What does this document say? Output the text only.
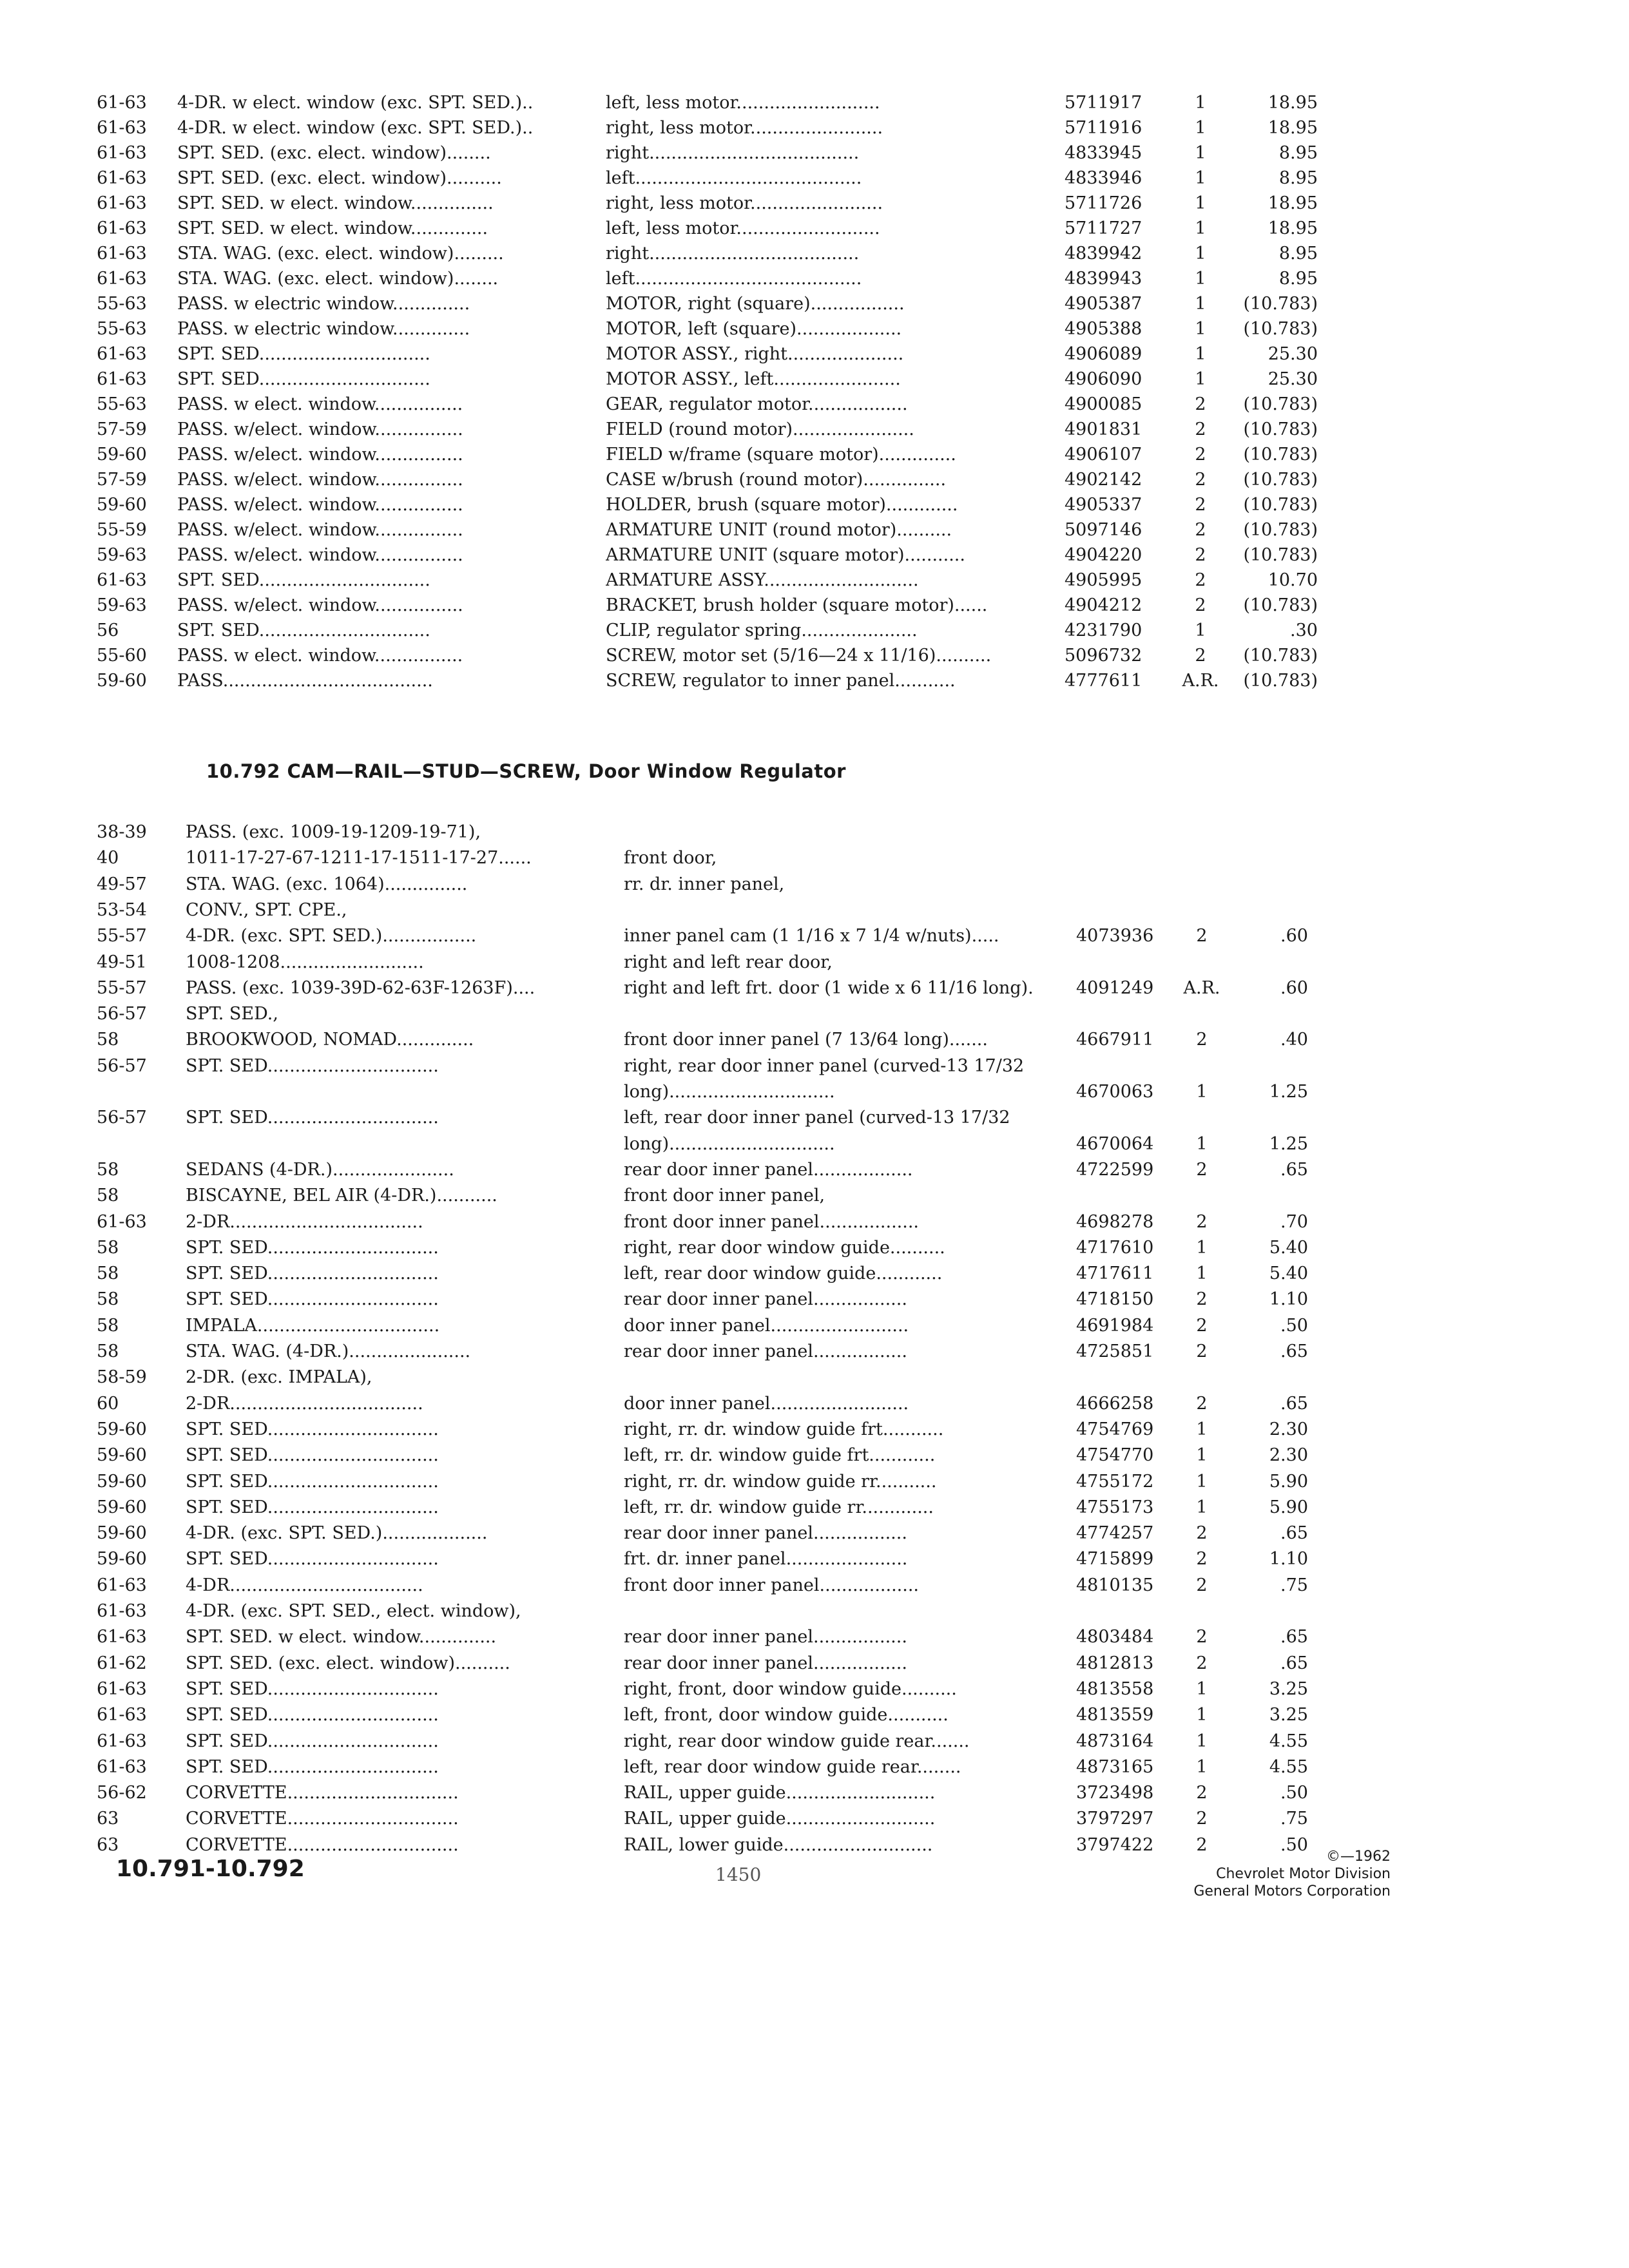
61-63	4-DR. w elect. window (exc. SPT. SED.)..	left, less motor..........................	5711917	1	18.95
61-63	4-DR. w elect. window (exc. SPT. SED.)..	right, less motor........................	5711916	1	18.95
61-63	SPT. SED. (exc. elect. window)........	right......................................	4833945	1	8.95
61-63	SPT. SED. (exc. elect. window)..........	left.........................................	4833946	1	8.95
61-63	SPT. SED. w elect. window...............	right, less motor........................	5711726	1	18.95
61-63	SPT. SED. w elect. window..............	left, less motor..........................	5711727	1	18.95
61-63	STA. WAG. (exc. elect. window).........	right......................................	4839942	1	8.95
61-63	STA. WAG. (exc. elect. window)........	left.........................................	4839943	1	8.95
55-63	PASS. w electric window..............	MOTOR, right (square).................	4905387	1	(10.783)
55-63	PASS. w electric window..............	MOTOR, left (square)...................	4905388	1	(10.783)
61-63	SPT. SED...............................	MOTOR ASSY., right.....................	4906089	1	25.30
61-63	SPT. SED...............................	MOTOR ASSY., left.......................	4906090	1	25.30
55-63	PASS. w elect. window................	GEAR, regulator motor..................	4900085	2	(10.783)
57-59	PASS. w/elect. window................	FIELD (round motor)......................	4901831	2	(10.783)
59-60	PASS. w/elect. window................	FIELD w/frame (square motor)..............	4906107	2	(10.783)
57-59	PASS. w/elect. window................	CASE w/brush (round motor)...............	4902142	2	(10.783)
59-60	PASS. w/elect. window................	HOLDER, brush (square motor).............	4905337	2	(10.783)
55-59	PASS. w/elect. window................	ARMATURE UNIT (round motor)..........	5097146	2	(10.783)
59-63	PASS. w/elect. window................	ARMATURE UNIT (square motor)...........	4904220	2	(10.783)
61-63	SPT. SED...............................	ARMATURE ASSY............................	4905995	2	10.70
59-63	PASS. w/elect. window................	BRACKET, brush holder (square motor)......	4904212	2	(10.783)
56	SPT. SED...............................	CLIP, regulator spring.....................	4231790	1	.30
55-60	PASS. w elect. window................	SCREW, motor set (5/16—24 x 11/16)..........	5096732	2	(10.783)
59-60	PASS......................................	SCREW, regulator to inner panel...........	4777611	A.R.	(10.783)
10.792 CAM—RAIL—STUD—SCREW, Door Window Regulator
38-39	PASS. (exc. 1009-19-1209-19-71),
40	1011-17-27-67-1211-17-1511-17-27......	front door,
49-57	STA. WAG. (exc. 1064)...............	rr. dr. inner panel,
53-54	CONV., SPT. CPE.,
55-57	4-DR. (exc. SPT. SED.).................	inner panel cam (1 1/16 x 7 1/4 w/nuts).....	4073936	2	.60
49-51	1008-1208..........................	right and left rear door,
55-57	PASS. (exc. 1039-39D-62-63F-1263F)....	right and left frt. door (1 wide x 6 11/16 long).	4091249	A.R.	.60
56-57	SPT. SED.,
58	BROOKWOOD, NOMAD..............	front door inner panel (7 13/64 long).......	4667911	2	.40
56-57	SPT. SED...............................	right, rear door inner panel (curved-13 17/32
long)..............................	4670063	1	1.25
56-57	SPT. SED...............................	left, rear door inner panel (curved-13 17/32
long)..............................	4670064	1	1.25
58	SEDANS (4-DR.)......................	rear door inner panel..................	4722599	2	.65
58	BISCAYNE, BEL AIR (4-DR.)...........	front door inner panel,
61-63	2-DR...................................	front door inner panel..................	4698278	2	.70
58	SPT. SED...............................	right, rear door window guide..........	4717610	1	5.40
58	SPT. SED...............................	left, rear door window guide............	4717611	1	5.40
58	SPT. SED...............................	rear door inner panel.................	4718150	2	1.10
58	IMPALA.................................	door inner panel.........................	4691984	2	.50
58	STA. WAG. (4-DR.)......................	rear door inner panel.................	4725851	2	.65
58-59	2-DR. (exc. IMPALA),
60	2-DR...................................	door inner panel.........................	4666258	2	.65
59-60	SPT. SED...............................	right, rr. dr. window guide frt...........	4754769	1	2.30
59-60	SPT. SED...............................	left, rr. dr. window guide frt............	4754770	1	2.30
59-60	SPT. SED...............................	right, rr. dr. window guide rr...........	4755172	1	5.90
59-60	SPT. SED...............................	left, rr. dr. window guide rr.............	4755173	1	5.90
59-60	4-DR. (exc. SPT. SED.)...................	rear door inner panel.................	4774257	2	.65
59-60	SPT. SED...............................	frt. dr. inner panel......................	4715899	2	1.10
61-63	4-DR...................................	front door inner panel..................	4810135	2	.75
61-63	4-DR. (exc. SPT. SED., elect. window),
61-63	SPT. SED. w elect. window..............	rear door inner panel.................	4803484	2	.65
61-62	SPT. SED. (exc. elect. window)..........	rear door inner panel.................	4812813	2	.65
61-63	SPT. SED...............................	right, front, door window guide..........	4813558	1	3.25
61-63	SPT. SED...............................	left, front, door window guide...........	4813559	1	3.25
61-63	SPT. SED...............................	right, rear door window guide rear.......	4873164	1	4.55
61-63	SPT. SED...............................	left, rear door window guide rear........	4873165	1	4.55
56-62	CORVETTE...............................	RAIL, upper guide...........................	3723498	2	.50
63	CORVETTE...............................	RAIL, upper guide...........................	3797297	2	.75
63	CORVETTE...............................	RAIL, lower guide...........................	3797422	2	.50
10.791-10.792	1450
©—1962
Chevrolet Motor Division
General Motors Corporation
